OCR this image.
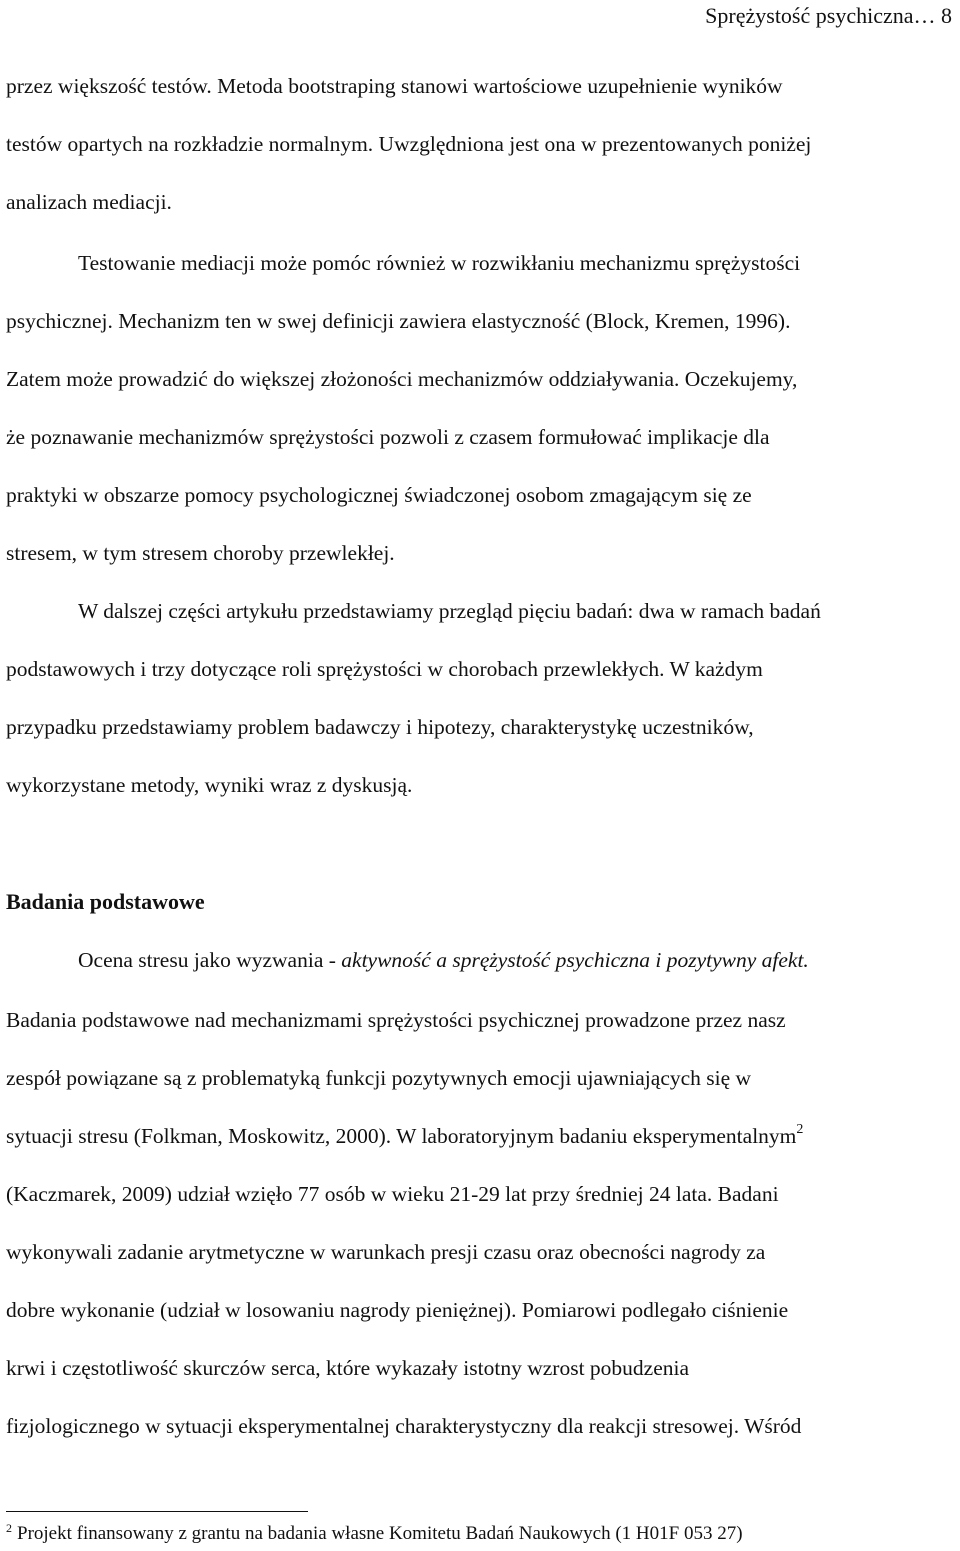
Sprężystość psychiczna… 8
przez większość testów. Metoda bootstraping stanowi wartościowe uzupełnienie wyników
testów opartych na rozkładzie normalnym. Uwzględniona jest ona w prezentowanych poniżej
analizach mediacji.
Testowanie mediacji może pomóc również w rozwikłaniu mechanizmu sprężystości
psychicznej. Mechanizm ten w swej definicji zawiera elastyczność (Block, Kremen, 1996).
Zatem może prowadzić do większej złożoności mechanizmów oddziaływania. Oczekujemy,
że poznawanie mechanizmów sprężystości pozwoli z czasem formułować implikacje dla
praktyki w obszarze pomocy psychologicznej świadczonej osobom zmagającym się ze
stresem, w tym stresem choroby przewlekłej.
W dalszej części artykułu przedstawiamy przegląd pięciu badań: dwa w ramach badań
podstawowych i trzy dotyczące roli sprężystości w chorobach przewlekłych. W każdym
przypadku przedstawiamy problem badawczy i hipotezy, charakterystykę uczestników,
wykorzystane metody, wyniki wraz z dyskusją.
Badania podstawowe
Ocena stresu jako wyzwania - aktywność a sprężystość psychiczna i pozytywny afekt.
Badania podstawowe nad mechanizmami sprężystości psychicznej prowadzone przez nasz
zespół powiązane są z problematyką funkcji pozytywnych emocji ujawniających się w
sytuacji stresu (Folkman, Moskowitz, 2000). W laboratoryjnym badaniu eksperymentalnym$^2$
(Kaczmarek, 2009) udział wzięło 77 osób w wieku 21-29 lat przy średniej 24 lata. Badani
wykonywali zadanie arytmetyczne w warunkach presji czasu oraz obecności nagrody za
dobre wykonanie (udział w losowaniu nagrody pieniężnej). Pomiarowi podlegało ciśnienie
krwi i częstotliwość skurczów serca, które wykazały istotny wzrost pobudzenia
fizjologicznego w sytuacji eksperymentalnej charakterystyczny dla reakcji stresowej. Wśród
$^2$ Projekt finansowany z grantu na badania własne Komitetu Badań Naukowych (1 H01F 053 27)
